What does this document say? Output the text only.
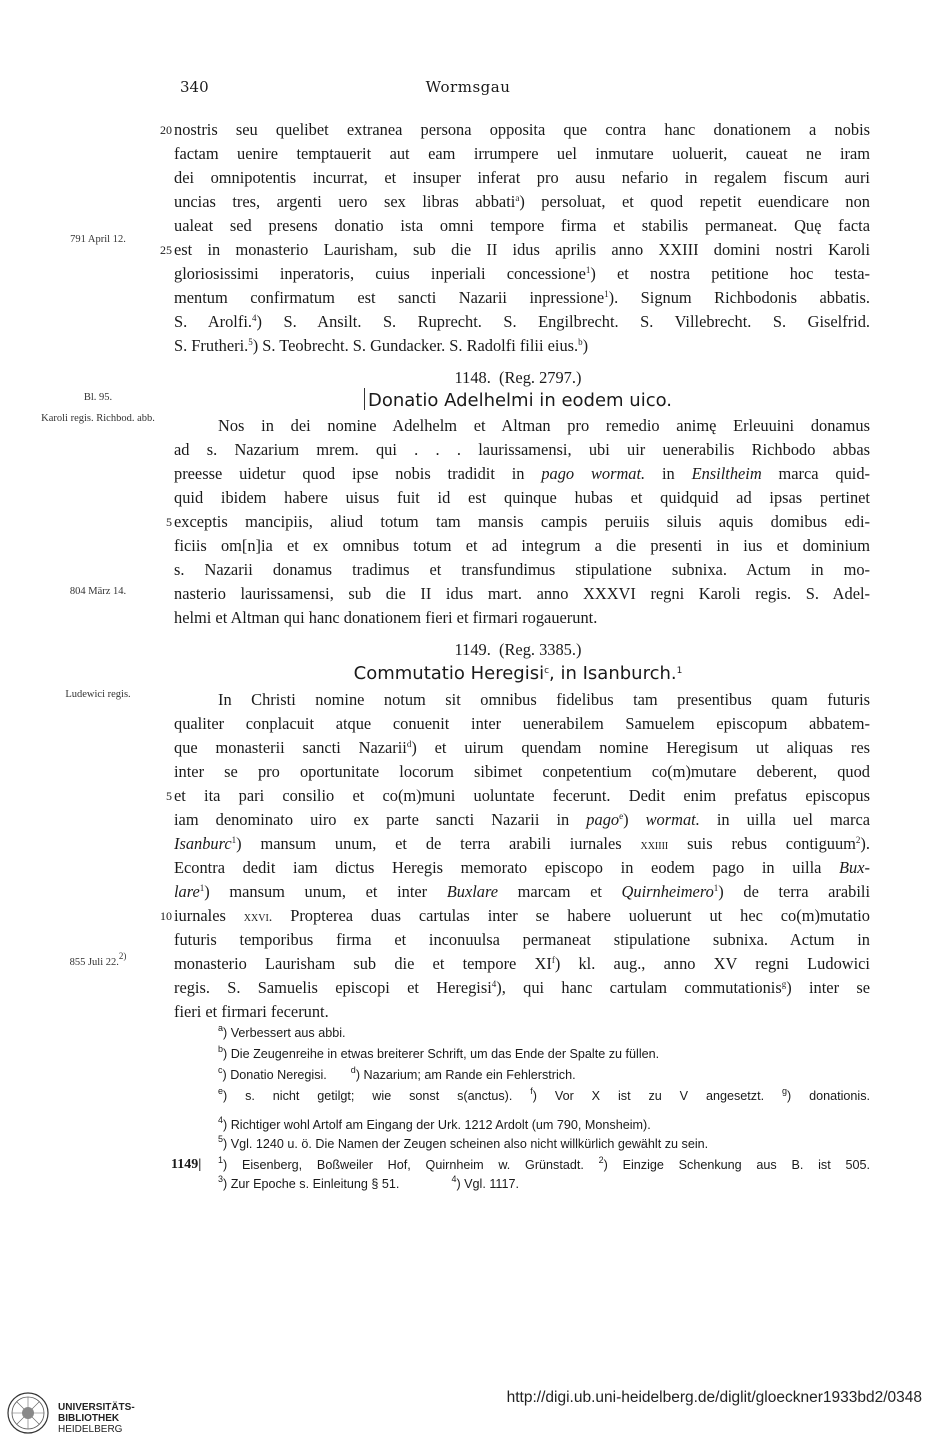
340	Wormsgau
20 nostris seu quelibet extranea persona opposita que contra hanc donationem a nobis
factam uenire temptauerit aut eam irrumpere uel inmutare uoluerit, caueat ne iram
dei omnipotentis incurrat, et insuper inferat pro ausu nefario in regalem fiscum auri
uncias tres, argenti uero sex libras abbati$^a$) persoluat, et quod repetit euendicare non
ualeat sed presens donatio ista omni tempore firma et stabilis permaneat. Quę facta
791 April 12.
25 est in monasterio Laurisham, sub die II idus aprilis anno XXIII domini nostri Karoli
gloriosissimi inperatoris, cuius inperiali concessione$^1$) et nostra petitione hoc testa-
mentum confirmatum est sancti Nazarii inpressione$^1$). Signum Richbodonis abbatis.
S. Arolfi.$^4$) S. Ansilt. S. Ruprecht. S. Engilbrecht. S. Villebrecht. S. Giselfrid.
S. Frutheri.$^5$) S. Teobrecht. S. Gundacker. S. Radolfi filii eius.$^b$)
1148. (Reg. 2797.)
Bl. 95.	Donatio Adelhelmi in eodem uico.
Karoli regis. Richbod. abb.	Nos in dei nomine Adelhelm et Altman pro remedio animę Erleuuini donamus
ad s. Nazarium mrem. qui . . . laurissamensi, ubi uir uenerabilis Richbodo abbas
preesse uidetur quod ipse nobis tradidit in pago wormat. in Ensiltheim marca quid-
quid ibidem habere uisus fuit id est quinque hubas et quidquid ad ipsas pertinet
5 exceptis mancipiis, aliud totum tam mansis campis peruiis siluis aquis domibus edi-
ficiis om[n]ia et ex omnibus totum et ad integrum a die presenti in ius et dominium
s. Nazarii donamus tradimus et transfundimus stipulatione subnixa. Actum in mo-
804 März 14.	nasterio laurissamensi, sub die II idus mart. anno XXXVI regni Karoli regis. S. Adel-
helmi et Altman qui hanc donationem fieri et firmari rogauerunt.
1149. (Reg. 3385.)
Commutatio Heregisi$^c$, in Isanburch.$^1$
Ludewici regis.	In Christi nomine notum sit omnibus fidelibus tam presentibus quam futuris
qualiter conplacuit atque conuenit inter uenerabilem Samuelem episcopum abbatem-
que monasterii sancti Nazarii$^d$) et uirum quendam nomine Heregisum ut aliquas res
inter se pro oportunitate locorum sibimet conpetentium co(m)mutare deberent, quod
5 et ita pari consilio et co(m)muni uoluntate fecerunt. Dedit enim prefatus episcopus
iam denominato uiro ex parte sancti Nazarii in pago$^e$) wormat. in uilla uel marca
Isanburc$^1$) mansum unum, et de terra arabili iurnales xxiiii suis rebus contiguum$^2$).
Econtra dedit iam dictus Heregis memorato episcopo in eodem pago in uilla Bux-
lare$^1$) mansum unum, et inter Buxlare marcam et Quirnheimero$^1$) de terra arabili
10 iurnales xxvi. Propterea duas cartulas inter se habere uoluerunt ut hec co(m)mutatio
futuris temporibus firma et inconuulsa permaneat stipulatione subnixa. Actum in
855 Juli 22.$^{2)}$	monasterio Laurisham sub die et tempore $XI^f$) kl. aug., anno XV regni Ludowici
regis. S. Samuelis episcopi et Heregisi$^4$), qui hanc cartulam commutationis$^g$) inter se
fieri et firmari fecerunt.
$^a$) Verbessert aus abbi.
$^b$) Die Zeugenreihe in etwas breiterer Schrift, um das Ende der Spalte zu füllen.
$^c$) Donatio Neregisi.	$^d$) Nazarium; am Rande ein Fehlerstrich.
$^e$) s. nicht getilgt; wie sonst s(anctus). $^f$) Vor X ist zu V angesetzt. $^g$) donationis.
$^4$) Richtiger wohl Artolf am Eingang der Urk. 1212 Ardolt (um 790, Monsheim).
$^5$) Vgl. 1240 u. ö. Die Namen der Zeugen scheinen also nicht willkürlich gewählt zu sein.
1149|	$^1$) Eisenberg, Boßweiler Hof, Quirnheim w. Grünstadt. $^2$) Einzige Schenkung aus B. ist 505.
$^3$) Zur Epoche s. Einleitung § 51.	$^4$) Vgl. 1117.
UNIVERSITÄTS-
BIBLIOTHEK
HEIDELBERG
http://digi.ub.uni-heidelberg.de/diglit/gloeckner1933bd2/0348
